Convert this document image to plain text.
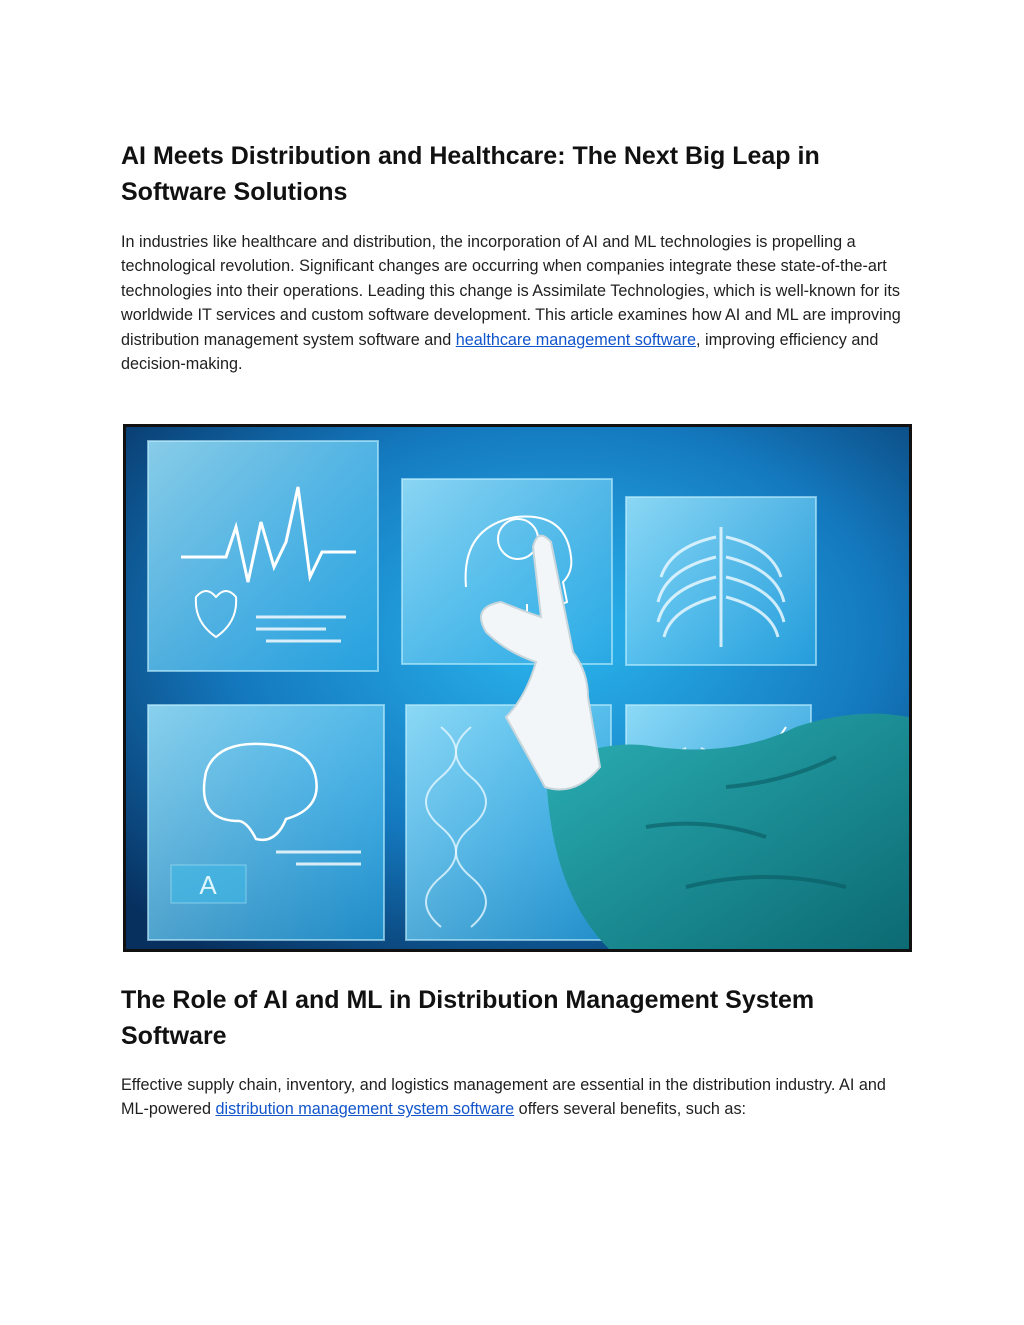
AI Meets Distribution and Healthcare: The Next Big Leap in Software Solutions

In industries like healthcare and distribution, the incorporation of AI and ML technologies is propelling a technological revolution. Significant changes are occurring when companies integrate these state-of-the-art technologies into their operations. Leading this change is Assimilate Technologies, which is well-known for its worldwide IT services and custom software development. This article examines how AI and ML are improving distribution management system software and healthcare management software, improving efficiency and decision-making.

A
The Role of AI and ML in Distribution Management System Software

Effective supply chain, inventory, and logistics management are essential in the distribution industry. AI and ML-powered distribution management system software offers several benefits, such as:
